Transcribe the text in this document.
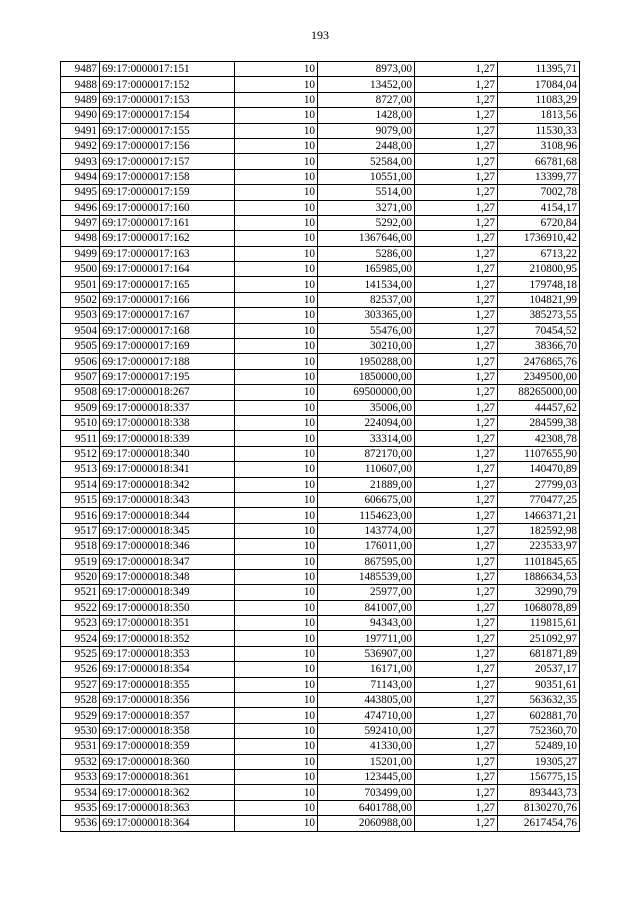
193
9487	69:17:0000017:151	10	8973,00	1,27	11395,71
9488	69:17:0000017:152	10	13452,00	1,27	17084,04
9489	69:17:0000017:153	10	8727,00	1,27	11083,29
9490	69:17:0000017:154	10	1428,00	1,27	1813,56
9491	69:17:0000017:155	10	9079,00	1,27	11530,33
9492	69:17:0000017:156	10	2448,00	1,27	3108,96
9493	69:17:0000017:157	10	52584,00	1,27	66781,68
9494	69:17:0000017:158	10	10551,00	1,27	13399,77
9495	69:17:0000017:159	10	5514,00	1,27	7002,78
9496	69:17:0000017:160	10	3271,00	1,27	4154,17
9497	69:17:0000017:161	10	5292,00	1,27	6720,84
9498	69:17:0000017:162	10	1367646,00	1,27	1736910,42
9499	69:17:0000017:163	10	5286,00	1,27	6713,22
9500	69:17:0000017:164	10	165985,00	1,27	210800,95
9501	69:17:0000017:165	10	141534,00	1,27	179748,18
9502	69:17:0000017:166	10	82537,00	1,27	104821,99
9503	69:17:0000017:167	10	303365,00	1,27	385273,55
9504	69:17:0000017:168	10	55476,00	1,27	70454,52
9505	69:17:0000017:169	10	30210,00	1,27	38366,70
9506	69:17:0000017:188	10	1950288,00	1,27	2476865,76
9507	69:17:0000017:195	10	1850000,00	1,27	2349500,00
9508	69:17:0000018:267	10	69500000,00	1,27	88265000,00
9509	69:17:0000018:337	10	35006,00	1,27	44457,62
9510	69:17:0000018:338	10	224094,00	1,27	284599,38
9511	69:17:0000018:339	10	33314,00	1,27	42308,78
9512	69:17:0000018:340	10	872170,00	1,27	1107655,90
9513	69:17:0000018:341	10	110607,00	1,27	140470,89
9514	69:17:0000018:342	10	21889,00	1,27	27799,03
9515	69:17:0000018:343	10	606675,00	1,27	770477,25
9516	69:17:0000018:344	10	1154623,00	1,27	1466371,21
9517	69:17:0000018:345	10	143774,00	1,27	182592,98
9518	69:17:0000018:346	10	176011,00	1,27	223533,97
9519	69:17:0000018:347	10	867595,00	1,27	1101845,65
9520	69:17:0000018:348	10	1485539,00	1,27	1886634,53
9521	69:17:0000018:349	10	25977,00	1,27	32990,79
9522	69:17:0000018:350	10	841007,00	1,27	1068078,89
9523	69:17:0000018:351	10	94343,00	1,27	119815,61
9524	69:17:0000018:352	10	197711,00	1,27	251092,97
9525	69:17:0000018:353	10	536907,00	1,27	681871,89
9526	69:17:0000018:354	10	16171,00	1,27	20537,17
9527	69:17:0000018:355	10	71143,00	1,27	90351,61
9528	69:17:0000018:356	10	443805,00	1,27	563632,35
9529	69:17:0000018:357	10	474710,00	1,27	602881,70
9530	69:17:0000018:358	10	592410,00	1,27	752360,70
9531	69:17:0000018:359	10	41330,00	1,27	52489,10
9532	69:17:0000018:360	10	15201,00	1,27	19305,27
9533	69:17:0000018:361	10	123445,00	1,27	156775,15
9534	69:17:0000018:362	10	703499,00	1,27	893443,73
9535	69:17:0000018:363	10	6401788,00	1,27	8130270,76
9536	69:17:0000018:364	10	2060988,00	1,27	2617454,76
